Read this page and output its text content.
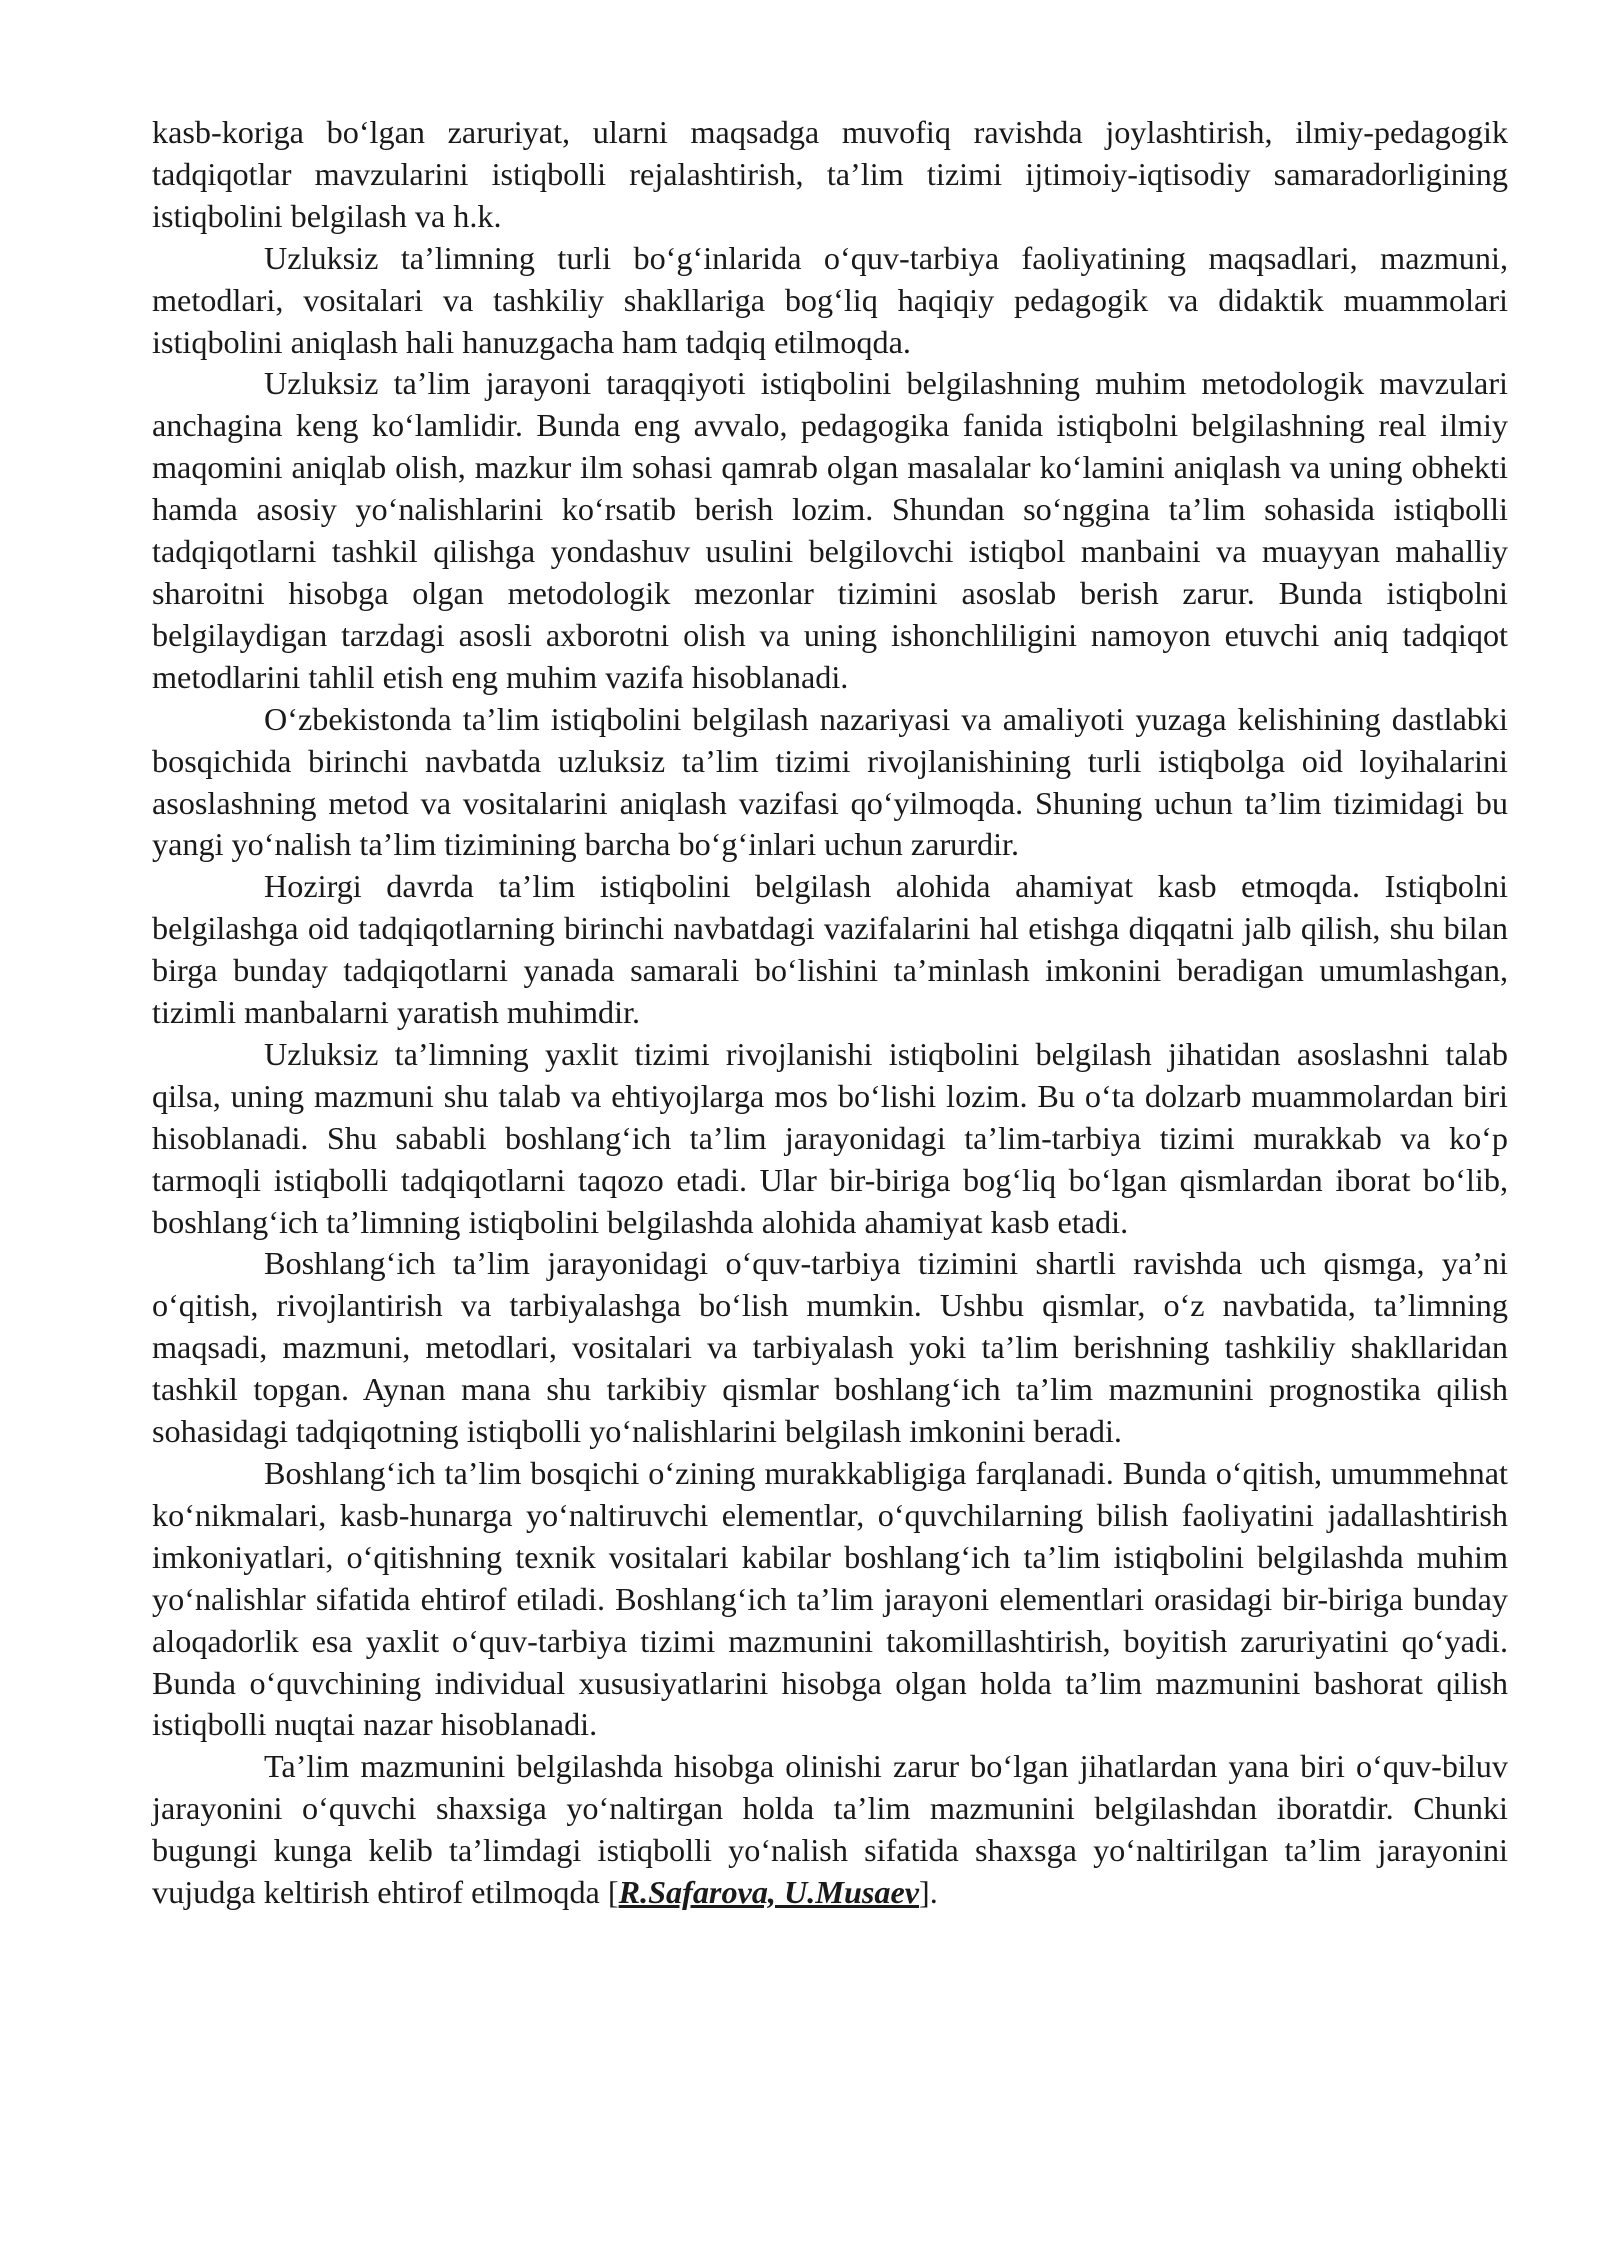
kasb-koriga bo‘lgan zaruriyat, ularni maqsadga muvofiq ravishda joylashtirish, ilmiy-pedagogik tadqiqotlar mavzularini istiqbolli rejalashtirish, ta’lim tizimi ijtimoiy-iqtisodiy samaradorligining istiqbolini belgilash va h.k.

Uzluksiz ta’limning turli bo‘g‘inlarida o‘quv-tarbiya faoliyatining maqsadlari, mazmuni, metodlari, vositalari va tashkiliy shakllariga bog‘liq haqiqiy pedagogik va didaktik muammolari istiqbolini aniqlash hali hanuzgacha ham tadqiq etilmoqda.

Uzluksiz ta’lim jarayoni taraqqiyoti istiqbolini belgilashning muhim metodologik mavzulari anchagina keng ko‘lamlidir. Bunda eng avvalo, pedagogika fanida istiqbolni belgilashning real ilmiy maqomini aniqlab olish, mazkur ilm sohasi qamrab olgan masalalar ko‘lamini aniqlash va uning obhekti hamda asosiy yo‘nalishlarini ko‘rsatib berish lozim. Shundan so‘nggina ta’lim sohasida istiqbolli tadqiqotlarni tashkil qilishga yondashuv usulini belgilovchi istiqbol manbaini va muayyan mahalliy sharoitni hisobga olgan metodologik mezonlar tizimini asoslab berish zarur. Bunda istiqbolni belgilaydigan tarzdagi asosli axborotni olish va uning ishonchliligini namoyon etuvchi aniq tadqiqot metodlarini tahlil etish eng muhim vazifa hisoblanadi.

O‘zbekistonda ta’lim istiqbolini belgilash nazariyasi va amaliyoti yuzaga kelishining dastlabki bosqichida birinchi navbatda uzluksiz ta’lim tizimi rivojlanishining turli istiqbolga oid loyihalarini asoslashning metod va vositalarini aniqlash vazifasi qo‘yilmoqda. Shuning uchun ta’lim tizimidagi bu yangi yo‘nalish ta’lim tizimining barcha bo‘g‘inlari uchun zarurdir.

Hozirgi davrda ta’lim istiqbolini belgilash alohida ahamiyat kasb etmoqda. Istiqbolni belgilashga oid tadqiqotlarning birinchi navbatdagi vazifalarini hal etishga diqqatni jalb qilish, shu bilan birga bunday tadqiqotlarni yanada samarali bo‘lishini ta’minlash imkonini beradigan umumlashgan, tizimli manbalarni yaratish muhimdir.

Uzluksiz ta’limning yaxlit tizimi rivojlanishi istiqbolini belgilash jihatidan asoslashni talab qilsa, uning mazmuni shu talab va ehtiyojlarga mos bo‘lishi lozim. Bu o‘ta dolzarb muammolardan biri hisoblanadi. Shu sababli boshlang‘ich ta’lim jarayonidagi ta’lim-tarbiya tizimi murakkab va ko‘p tarmoqli istiqbolli tadqiqotlarni taqozo etadi. Ular bir-biriga bog‘liq bo‘lgan qismlardan iborat bo‘lib, boshlang‘ich ta’limning istiqbolini belgilashda alohida ahamiyat kasb etadi.

Boshlang‘ich ta’lim jarayonidagi o‘quv-tarbiya tizimini shartli ravishda uch qismga, ya’ni o‘qitish, rivojlantirish va tarbiyalashga bo‘lish mumkin. Ushbu qismlar, o‘z navbatida, ta’limning maqsadi, mazmuni, metodlari, vositalari va tarbiyalash yoki ta’lim berishning tashkiliy shakllaridan tashkil topgan. Aynan mana shu tarkibiy qismlar boshlang‘ich ta’lim mazmunini prognostika qilish sohasidagi tadqiqotning istiqbolli yo‘nalishlarini belgilash imkonini beradi.

Boshlang‘ich ta’lim bosqichi o‘zining murakkabligiga farqlanadi. Bunda o‘qitish, umummehnat ko‘nikmalari, kasb-hunarga yo‘naltiruvchi elementlar, o‘quvchilarning bilish faoliyatini jadallashtirish imkoniyatlari, o‘qitishning texnik vositalari kabilar boshlang‘ich ta’lim istiqbolini belgilashda muhim yo‘nalishlar sifatida ehtirof etiladi. Boshlang‘ich ta’lim jarayoni elementlari orasidagi bir-biriga bunday aloqadorlik esa yaxlit o‘quv-tarbiya tizimi mazmunini takomillashtirish, boyitish zaruriyatini qo‘yadi. Bunda o‘quvchining individual xususiyatlarini hisobga olgan holda ta’lim mazmunini bashorat qilish istiqbolli nuqtai nazar hisoblanadi.

Ta’lim mazmunini belgilashda hisobga olinishi zarur bo‘lgan jihatlardan yana biri o‘quv-biluv jarayonini o‘quvchi shaxsiga yo‘naltirgan holda ta’lim mazmunini belgilashdan iboratdir. Chunki bugungi kunga kelib ta’limdagi istiqbolli yo‘nalish sifatida shaxsga yo‘naltirilgan ta’lim jarayonini vujudga keltirish ehtirof etilmoqda [R.Safarova, U.Musaev].
